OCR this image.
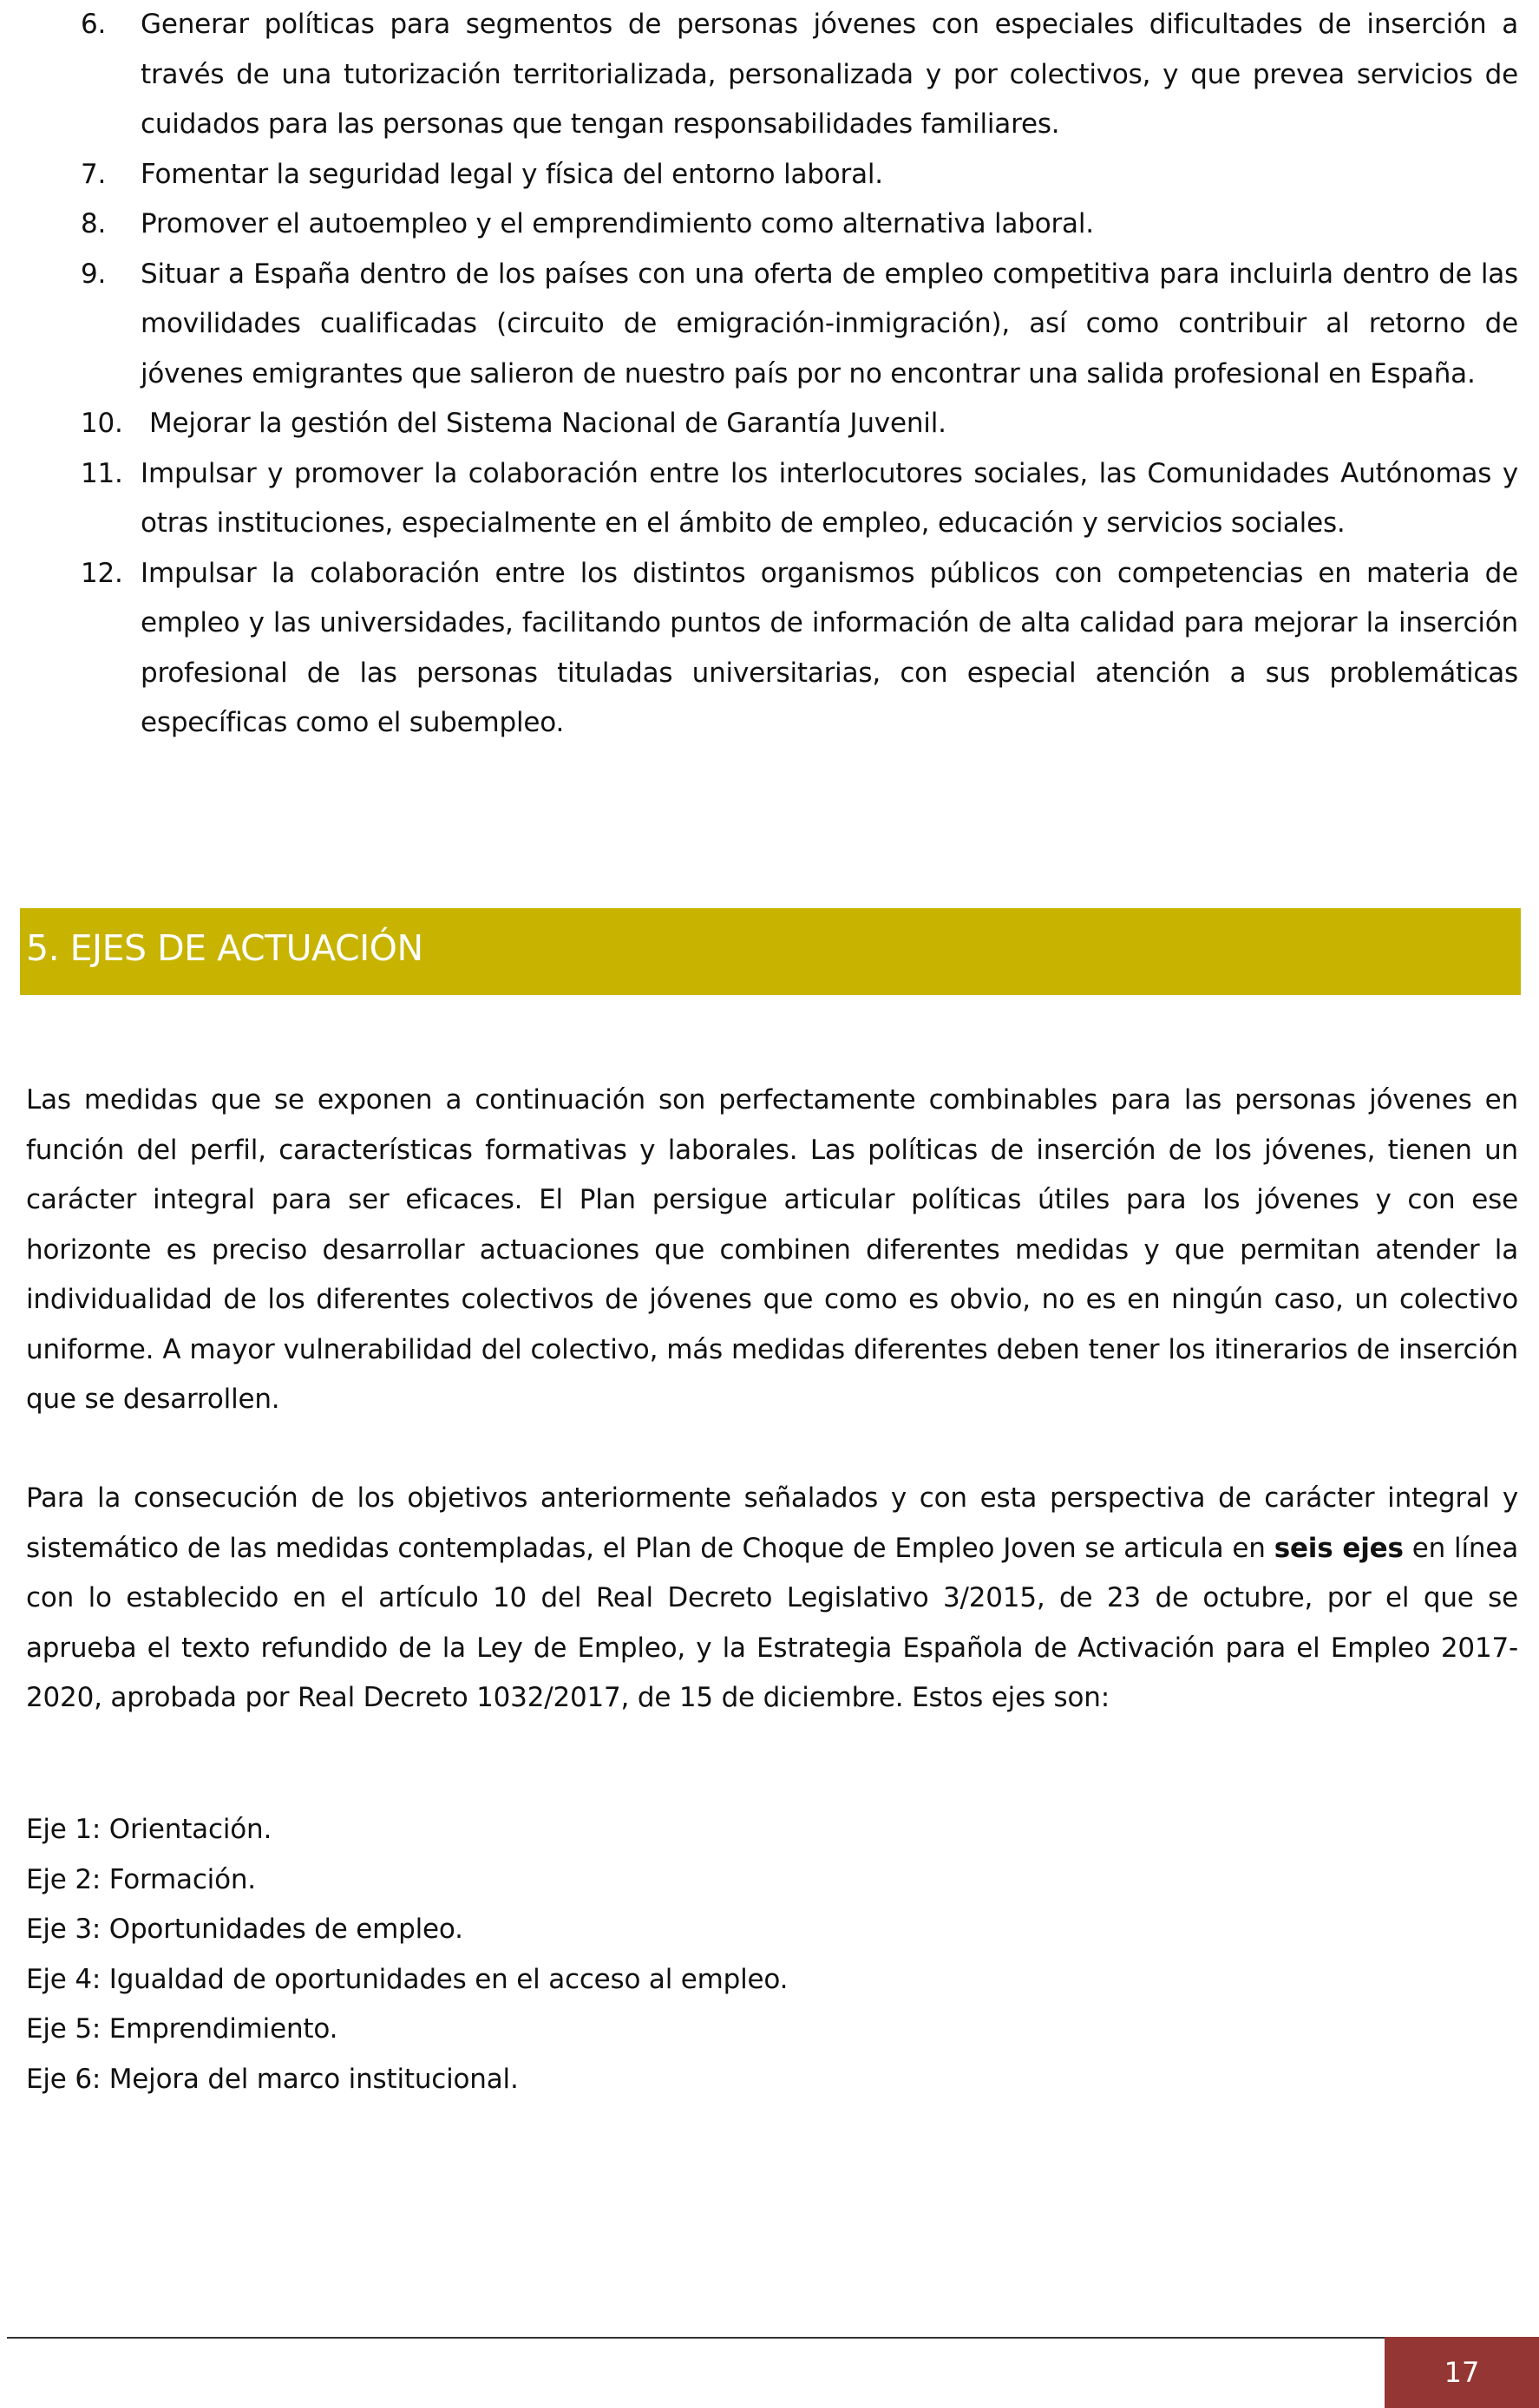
6. Generar políticas para segmentos de personas jóvenes con especiales dificultades de inserción a través de una tutorización territorializada, personalizada y por colectivos, y que prevea servicios de cuidados para las personas que tengan responsabilidades familiares.
7. Fomentar la seguridad legal y física del entorno laboral.
8. Promover el autoempleo y el emprendimiento como alternativa laboral.
9. Situar a España dentro de los países con una oferta de empleo competitiva para incluirla dentro de las movilidades cualificadas (circuito de emigración-inmigración), así como contribuir al retorno de jóvenes emigrantes que salieron de nuestro país por no encontrar una salida profesional en España.
10. Mejorar la gestión del Sistema Nacional de Garantía Juvenil.
11. Impulsar y promover la colaboración entre los interlocutores sociales, las Comunidades Autónomas y otras instituciones, especialmente en el ámbito de empleo, educación y servicios sociales.
12. Impulsar la colaboración entre los distintos organismos públicos con competencias en materia de empleo y las universidades, facilitando puntos de información de alta calidad para mejorar la inserción profesional de las personas tituladas universitarias, con especial atención a sus problemáticas específicas como el subempleo.
5. EJES DE ACTUACIÓN

Las medidas que se exponen a continuación son perfectamente combinables para las personas jóvenes en función del perfil, características formativas y laborales. Las políticas de inserción de los jóvenes, tienen un carácter integral para ser eficaces. El Plan persigue articular políticas útiles para los jóvenes y con ese horizonte es preciso desarrollar actuaciones que combinen diferentes medidas y que permitan atender la individualidad de los diferentes colectivos de jóvenes que como es obvio, no es en ningún caso, un colectivo uniforme. A mayor vulnerabilidad del colectivo, más medidas diferentes deben tener los itinerarios de inserción que se desarrollen.

Para la consecución de los objetivos anteriormente señalados y con esta perspectiva de carácter integral y sistemático de las medidas contempladas, el Plan de Choque de Empleo Joven se articula en seis ejes en línea con lo establecido en el artículo 10 del Real Decreto Legislativo 3/2015, de 23 de octubre, por el que se aprueba el texto refundido de la Ley de Empleo, y la Estrategia Española de Activación para el Empleo 2017-2020, aprobada por Real Decreto 1032/2017, de 15 de diciembre. Estos ejes son:

Eje 1: Orientación.
Eje 2: Formación.
Eje 3: Oportunidades de empleo.
Eje 4: Igualdad de oportunidades en el acceso al empleo.
Eje 5: Emprendimiento.
Eje 6: Mejora del marco institucional.
17
